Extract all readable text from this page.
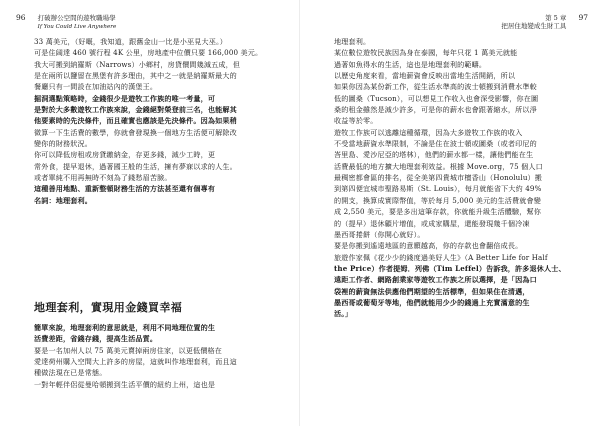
96 打破辦公空間的遊牧職場學
If You Could Live Anywhere

33 萬美元，（好嘅，我知道，跟舊金山一比是小巫見大巫。）

可是住阔達 460 號行程 4K 公里，房地產中位價只要 166,000 美元。

我大可搬到納羅斯（Narrows）小鄉村，房貸價間幾減五成，但

是在兩所以鹽留在黑堡有許多理由，其中之一就是納羅斯最大的

餐廳只有一間設在加油站內的漢堡王。

掘洞選點策略時，金錢很少是遊牧工作族的唯一考量，可

是對於大多數遊牧工作族來說，金錢絕對榮登前三名，也能解其

他要素時的先決條件，而且確實也應該是先決條件。因為如果稍

微算一下生活費的數學，你就會發現換一個地方生活便可解除改

變你的財務狀況。

你可以降低房租或房貸繳納金，存更多錢，減少工時，更

常外食，提早退休，過著國王般的生活，擁有夢寐以求的人生。

或者單純不用再無時不刻為了錢愁眉苦臉。

這種善用地點、重新整頓財務生活的方法甚至還有個專有

名詞：地理套利。

地理套利，實現用金錢買幸福

簡單來說，地理套利的意思就是，利用不同地理位置的生

活費差距，省錢存錢，提高生活品質。

要是一名加州人以 75 萬美元賣掉兩房住家，以更低價格在

愛達荷州購入空間大上許多的房屋，這就叫作地理套利，而且這

種做法現在已是常態。

一對年輕伴侶從曼哈頓搬到生活平價的紐約上州，這也是

第 5 章
把居住地變成生財工具 97

地理套利。

某位數位遊牧民族因為身在泰國，每年只花 1 萬美元就能

過著如魚得水的生活，這也是地理套利的範疇。

以歷史角度來看，當地薪資會反映出當地生活開銷，所以

如果你因為某份新工作，從生活水準高的波士頓搬到消費水準較

低的圖桑（Tucson），可以想見工作收入也會深受影響，你在圖

桑的租金雖然是減少許多，可是你的薪水也會跟著縮水，所以淨

收益等於零。

遊牧工作族可以逃離這種循環，因為大多遊牧工作族的收入

不受當地薪資水準限制，不論是住在波士頓或圖桑（或者印尼的

峇里島、愛沙尼亞的塔林），他們的薪水都一樣，讓他們能在生

活費最低的地方擴大地理套利效益。根據 Move.org，75 個人口

最稠密都會區的排名，從全美第四貴城市檀香山（Honolulu）搬

到第四便宜城市聖路易斯（St. Louis），每月就能省下大約 49%

的開支，換算成實際幣值，等於每月 5,000 美元的生活費就會變

成 2,550 美元，要是多出這筆存款，你就能升級生活體驗，幫你

的（提早）退休顧片增值，或成家購屋，還能發現幾千個冷凍

墨西哥捲餅（你開心就好）。

要是你搬到遙遠地區的意願越高，你的存款也會翻倍成長。

旅遊作家佩《花少少的錢度過美好人生》（A Better Life for Half

the Price）作者提姆．列佛（Tim Leffel）告訴我，許多退休人士、

遠距工作者、網路創業家等遊牧工作族之所以選擇，是「因為口

袋裡的薪資無法供應他們期望的生活標準，但如果住在清邁，

墨西哥或葡萄牙等地，他們就能用少少的錢過上充實滿意的生

活。」
